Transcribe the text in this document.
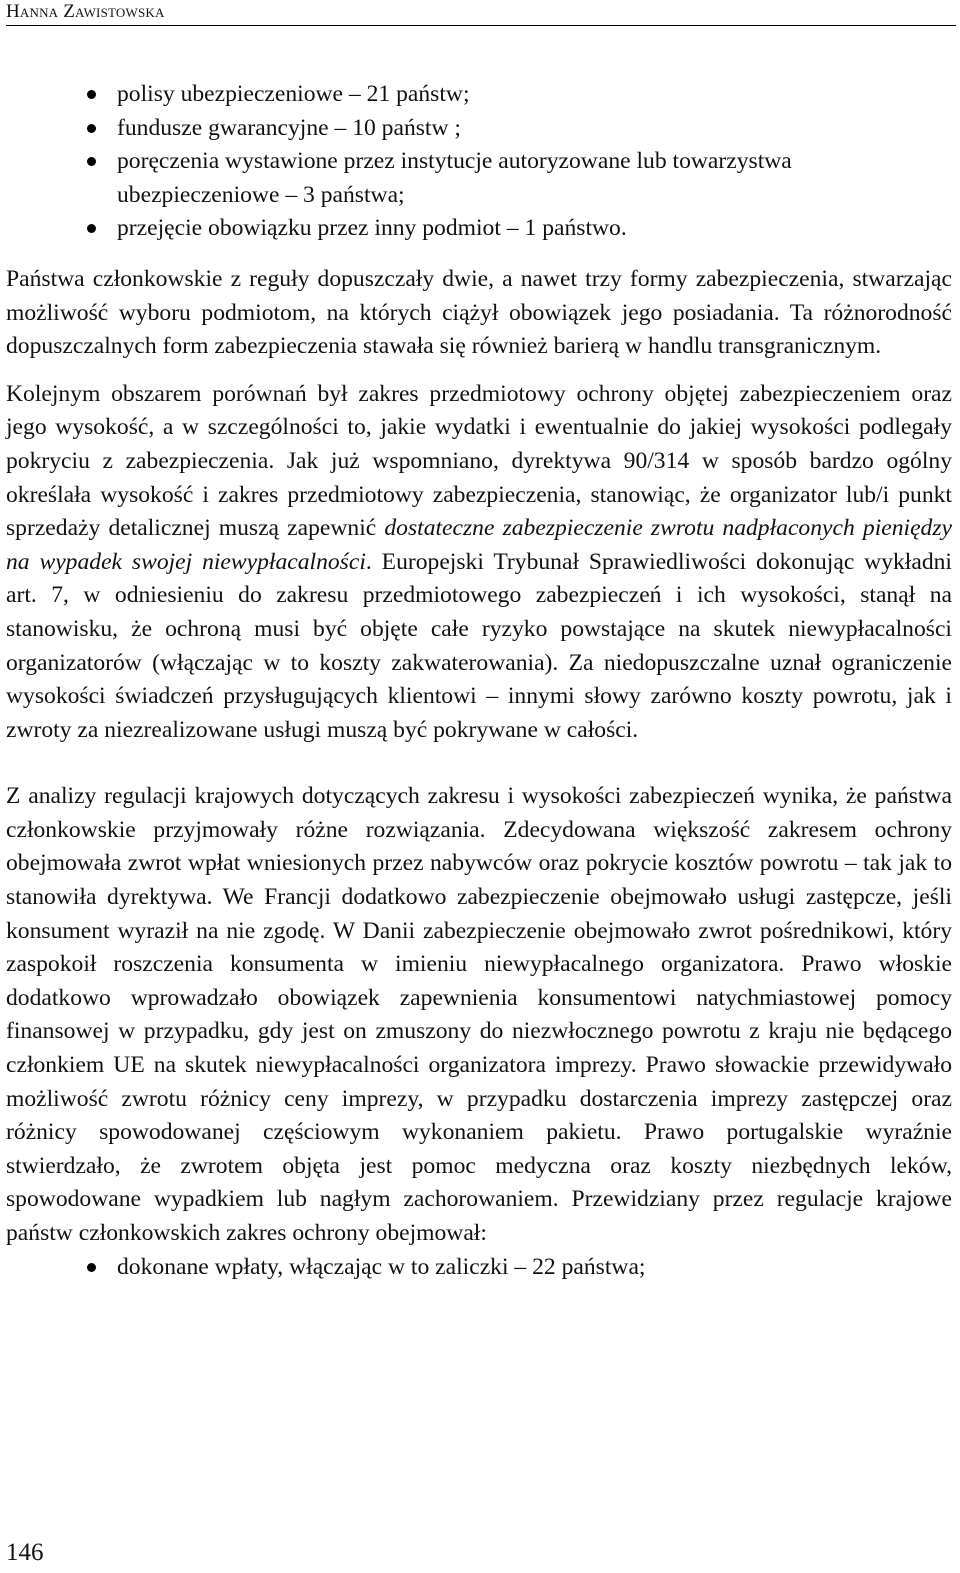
Hanna Zawistowska
polisy ubezpieczeniowe – 21 państw;
fundusze gwarancyjne – 10 państw ;
poręczenia wystawione przez instytucje autoryzowane lub towarzystwa ubezpieczeniowe – 3 państwa;
przejęcie obowiązku przez inny podmiot – 1 państwo.

Państwa członkowskie z reguły dopuszczały dwie, a nawet trzy formy zabezpieczenia, stwarzając możliwość wyboru podmiotom, na których ciążył obowiązek jego posiadania. Ta różnorodność dopuszczalnych form zabezpieczenia stawała się również barierą w handlu transgranicznym.

Kolejnym obszarem porównań był zakres przedmiotowy ochrony objętej zabezpieczeniem oraz jego wysokość, a w szczególności to, jakie wydatki i ewentualnie do jakiej wysokości podlegały pokryciu z zabezpieczenia. Jak już wspomniano, dyrektywa 90/314 w sposób bardzo ogólny określała wysokość i zakres przedmiotowy zabezpieczenia, stanowiąc, że organizator lub/i punkt sprzedaży detalicznej muszą zapewnić dostateczne zabezpieczenie zwrotu nadpłaconych pieniędzy na wypadek swojej niewypłacalności. Europejski Trybunał Sprawiedliwości dokonując wykładni art. 7, w odniesieniu do zakresu przedmiotowego zabezpieczeń i ich wysokości, stanął na stanowisku, że ochroną musi być objęte całe ryzyko powstające na skutek niewypłacalności organizatorów (włączając w to koszty zakwaterowania). Za niedopuszczalne uznał ograniczenie wysokości świadczeń przysługujących klientowi – innymi słowy zarówno koszty powrotu, jak i zwroty za niezrealizowane usługi muszą być pokrywane w całości.

Z analizy regulacji krajowych dotyczących zakresu i wysokości zabezpieczeń wynika, że państwa członkowskie przyjmowały różne rozwiązania. Zdecydowana większość zakresem ochrony obejmowała zwrot wpłat wniesionych przez nabywców oraz pokrycie kosztów powrotu – tak jak to stanowiła dyrektywa. We Francji dodatkowo zabezpieczenie obejmowało usługi zastępcze, jeśli konsument wyraził na nie zgodę. W Danii zabezpieczenie obejmowało zwrot pośrednikowi, który zaspokoił roszczenia konsumenta w imieniu niewypłacalnego organizatora. Prawo włoskie dodatkowo wprowadzało obowiązek zapewnienia konsumentowi natychmiastowej pomocy finansowej w przypadku, gdy jest on zmuszony do niezwłocznego powrotu z kraju nie będącego członkiem UE na skutek niewypłacalności organizatora imprezy. Prawo słowackie przewidywało możliwość zwrotu różnicy ceny imprezy, w przypadku dostarczenia imprezy zastępczej oraz różnicy spowodowanej częściowym wykonaniem pakietu. Prawo portugalskie wyraźnie stwierdzało, że zwrotem objęta jest pomoc medyczna oraz koszty niezbędnych leków, spowodowane wypadkiem lub nagłym zachorowaniem. Przewidziany przez regulacje krajowe państw członkowskich zakres ochrony obejmował:

dokonane wpłaty, włączając w to zaliczki – 22 państwa;
146
